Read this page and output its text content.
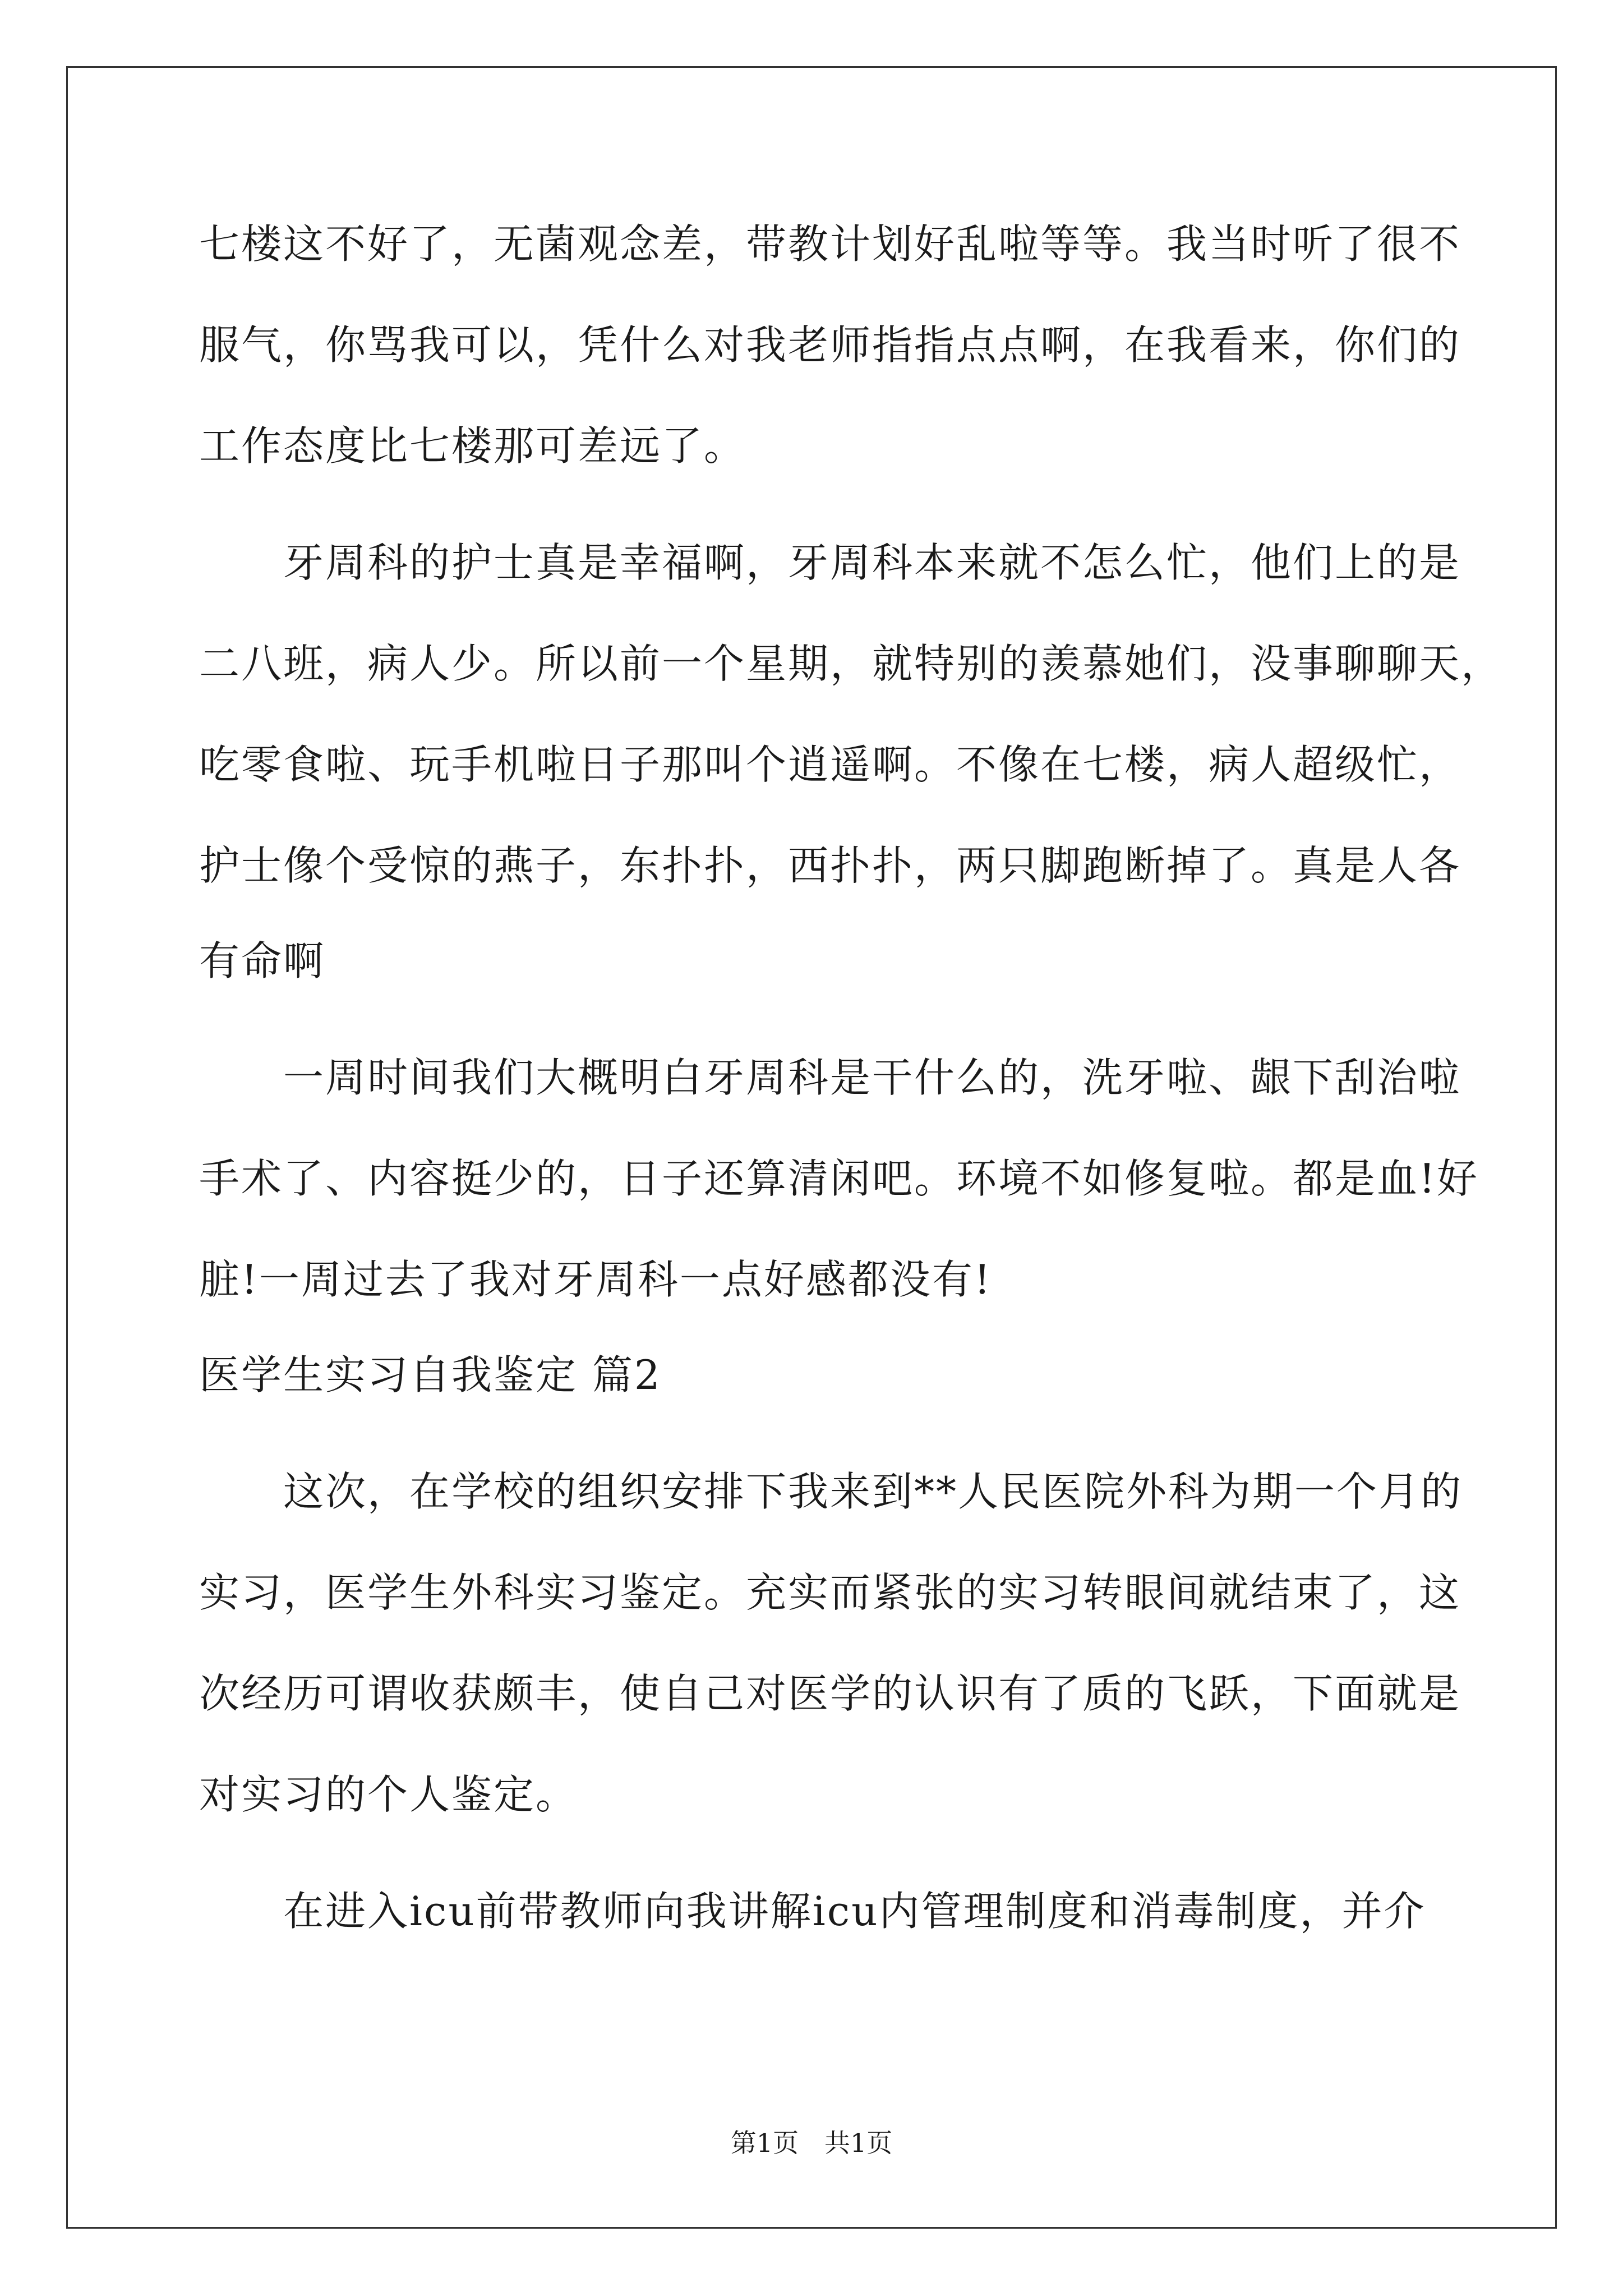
七楼这不好了，无菌观念差，带教计划好乱啦等等。我当时听了很不
服气，你骂我可以，凭什么对我老师指指点点啊，在我看来，你们的
工作态度比七楼那可差远了。
　　牙周科的护士真是幸福啊，牙周科本来就不怎么忙，他们上的是
二八班，病人少。所以前一个星期，就特别的羡慕她们，没事聊聊天，
吃零食啦、玩手机啦日子那叫个逍遥啊。不像在七楼，病人超级忙，
护士像个受惊的燕子，东扑扑，西扑扑，两只脚跑断掉了。真是人各
有命啊
　　一周时间我们大概明白牙周科是干什么的，洗牙啦、龈下刮治啦
手术了、内容挺少的，日子还算清闲吧。环境不如修复啦。都是血!好
脏!一周过去了我对牙周科一点好感都没有!
医学生实习自我鉴定 篇2
　　这次，在学校的组织安排下我来到**人民医院外科为期一个月的
实习，医学生外科实习鉴定。充实而紧张的实习转眼间就结束了，这
次经历可谓收获颇丰，使自己对医学的认识有了质的飞跃，下面就是
对实习的个人鉴定。
　　在进入icu前带教师向我讲解icu内管理制度和消毒制度，并介
第1页　共1页
